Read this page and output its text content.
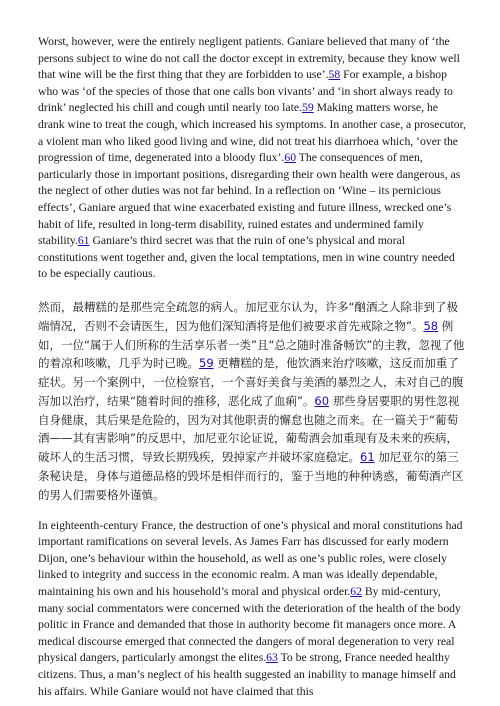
Worst, however, were the entirely negligent patients. Ganiare believed that many of ‘the persons subject to wine do not call the doctor except in extremity, because they know well that wine will be the first thing that they are forbidden to use’.58 For example, a bishop who was ‘of the species of those that one calls bon vivants’ and ‘in short always ready to drink’ neglected his chill and cough until nearly too late.59 Making matters worse, he drank wine to treat the cough, which increased his symptoms. In another case, a prosecutor, a violent man who liked good living and wine, did not treat his diarrhoea which, ‘over the progression of time, degenerated into a bloody flux’.60 The consequences of men, particularly those in important positions, disregarding their own health were dangerous, as the neglect of other duties was not far behind. In a reflection on ‘Wine – its pernicious effects’, Ganiare argued that wine exacerbated existing and future illness, wrecked one’s habit of life, resulted in long-term disability, ruined estates and undermined family stability.61 Ganiare’s third secret was that the ruin of one’s physical and moral constitutions went together and, given the local temptations, men in wine country needed to be especially cautious.

然而，最糟糕的是那些完全疏忽的病人。加尼亚尔认为，许多“酗酒之人除非到了极端情况，否则不会请医生，因为他们深知酒将是他们被要求首先戒除之物”。58 例如，一位“属于人们所称的生活享乐者一类”且“总之随时准备畅饮”的主教，忽视了他的着凉和咳嗽，几乎为时已晚。59 更糟糕的是，他饮酒来治疗咳嗽，这反而加重了症状。另一个案例中，一位检察官，一个喜好美食与美酒的暴烈之人，未对自己的腹泻加以治疗，结果“随着时间的推移，恶化成了血痢”。60 那些身居要职的男性忽视自身健康，其后果是危险的，因为对其他职责的懈怠也随之而来。在一篇关于“葡萄酒——其有害影响”的反思中，加尼亚尔论证说，葡萄酒会加重现有及未来的疾病，破坏人的生活习惯，导致长期残疾，毁掉家产并破坏家庭稳定。61 加尼亚尔的第三条秘诀是，身体与道德品格的毁坏是相伴而行的，鉴于当地的种种诱惑，葡萄酒产区的男人们需要格外谨慎。

In eighteenth-century France, the destruction of one’s physical and moral constitutions had important ramifications on several levels. As James Farr has discussed for early modern Dijon, one’s behaviour within the household, as well as one’s public roles, were closely linked to integrity and success in the economic realm. A man was ideally dependable, maintaining his own and his household’s moral and physical order.62 By mid-century, many social commentators were concerned with the deterioration of the health of the body politic in France and demanded that those in authority become fit managers once more. A medical discourse emerged that connected the dangers of moral degeneration to very real physical dangers, particularly amongst the elites.63 To be strong, France needed healthy citizens. Thus, a man’s neglect of his health suggested an inability to manage himself and his affairs. While Ganiare would not have claimed that this
